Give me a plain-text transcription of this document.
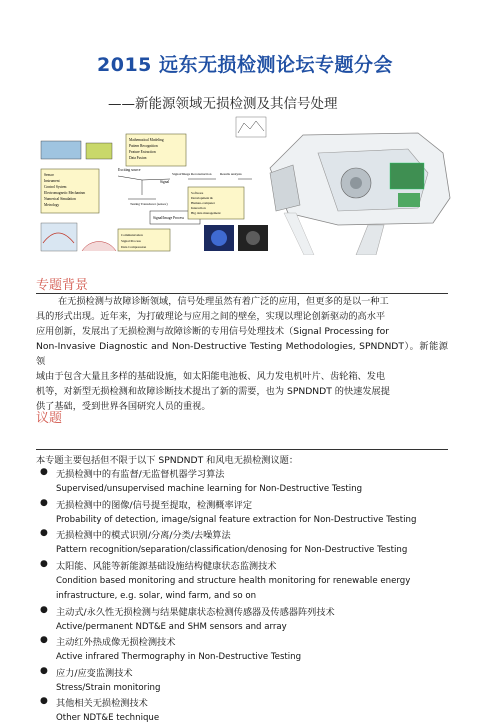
2015 远东无损检测论坛专题分会
——新能源领域无损检测及其信号处理
Mathematical Modeling
Pattern Recognition
Feature Extraction
Data Fusion
Sensor
Instrument
Control System
Electromagnetic Mechanism
Numerical Simulation
Metrology
Exciting source
Signal
Testing Transducer (sensor)
Signal/Image Reconstruction	Results analysis
Signal/Image Process
Software
Development &
Human-computer
Interaction
Big data management
Communication
Signal Process
Data Compression
专题背景
在无损检测与故障诊断领域，信号处理虽然有着广泛的应用，但更多的是以一种工
具的形式出现。近年来，为打破理论与应用之间的壁垒，实现以理论创新驱动的高水平
应用创新，发展出了无损检测与故障诊断的专用信号处理技术（Signal Processing for
Non-Invasive Diagnostic and Non-Destructive Testing Methodologies, SPNDNDT）。新能源领
域由于包含大量且多样的基础设施，如太阳能电池板、风力发电机叶片、齿轮箱、发电
机等，对新型无损检测和故障诊断技术提出了新的需要，也为 SPNDNDT 的快速发展提
供了基础，受到世界各国研究人员的重视。
议题
本专题主要包括但不限于以下 SPNDNDT 和风电无损检测议题：
● 无损检测中的有监督/无监督机器学习算法
Supervised/unsupervised machine learning for Non-Destructive Testing
● 无损检测中的图像/信号提至提取，检测概率评定
Probability of detection, image/signal feature extraction for Non-Destructive Testing
● 无损检测中的模式识别/分离/分类/去噪算法
Pattern recognition/separation/classification/denosing for Non-Destructive Testing
● 太阳能、风能等新能源基础设施结构健康状态监测技术
Condition based monitoring and structure health monitoring for renewable energy
infrastructure, e.g. solar, wind farm, and so on
● 主动式/永久性无损检测与结果健康状态检测传感器及传感器阵列技术
Active/permanent NDT&E and SHM sensors and array
● 主动红外热成像无损检测技术
Active infrared Thermography in Non-Destructive Testing
● 应力/应变监测技术
Stress/Strain monitoring
● 其他相关无损检测技术
Other NDT&E technique
